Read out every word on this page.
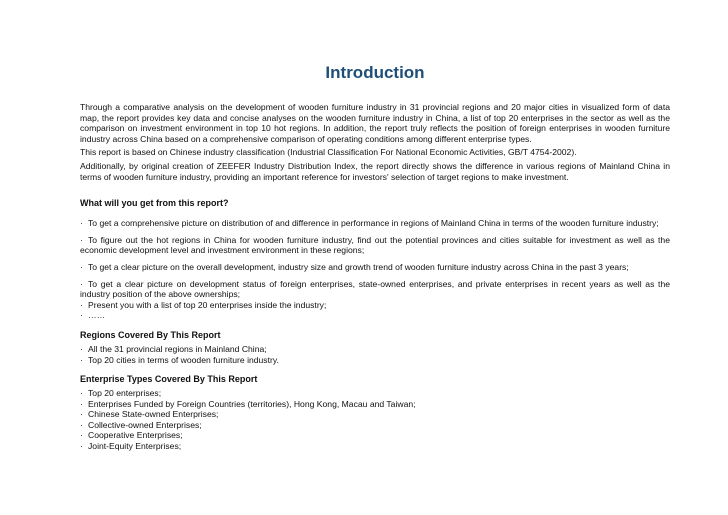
Introduction

Through a comparative analysis on the development of wooden furniture industry in 31 provincial regions and 20 major cities in visualized form of data map, the report provides key data and concise analyses on the wooden furniture industry in China, a list of top 20 enterprises in the sector as well as the comparison on investment environment in top 10 hot regions. In addition, the report truly reflects the position of foreign enterprises in wooden furniture industry across China based on a comprehensive comparison of operating conditions among different enterprise types.

This report is based on Chinese industry classification (Industrial Classification For National Economic Activities, GB/T 4754-2002).

Additionally, by original creation of ZEEFER Industry Distribution Index, the report directly shows the difference in various regions of Mainland China in terms of wooden furniture industry, providing an important reference for investors' selection of target regions to make investment.

What will you get from this report?
· To get a comprehensive picture on distribution of and difference in performance in regions of Mainland China in terms of the wooden furniture industry;
· To figure out the hot regions in China for wooden furniture industry, find out the potential provinces and cities suitable for investment as well as the economic development level and investment environment in these regions;
· To get a clear picture on the overall development, industry size and growth trend of wooden furniture industry across China in the past 3 years;
· To get a clear picture on development status of foreign enterprises, state-owned enterprises, and private enterprises in recent years as well as the industry position of the above ownerships;
· Present you with a list of top 20 enterprises inside the industry;
· ……
Regions Covered By This Report
· All the 31 provincial regions in Mainland China;
· Top 20 cities in terms of wooden furniture industry.
Enterprise Types Covered By This Report
· Top 20 enterprises;
· Enterprises Funded by Foreign Countries (territories), Hong Kong, Macau and Taiwan;
· Chinese State-owned Enterprises;
· Collective-owned Enterprises;
· Cooperative Enterprises;
· Joint-Equity Enterprises;
